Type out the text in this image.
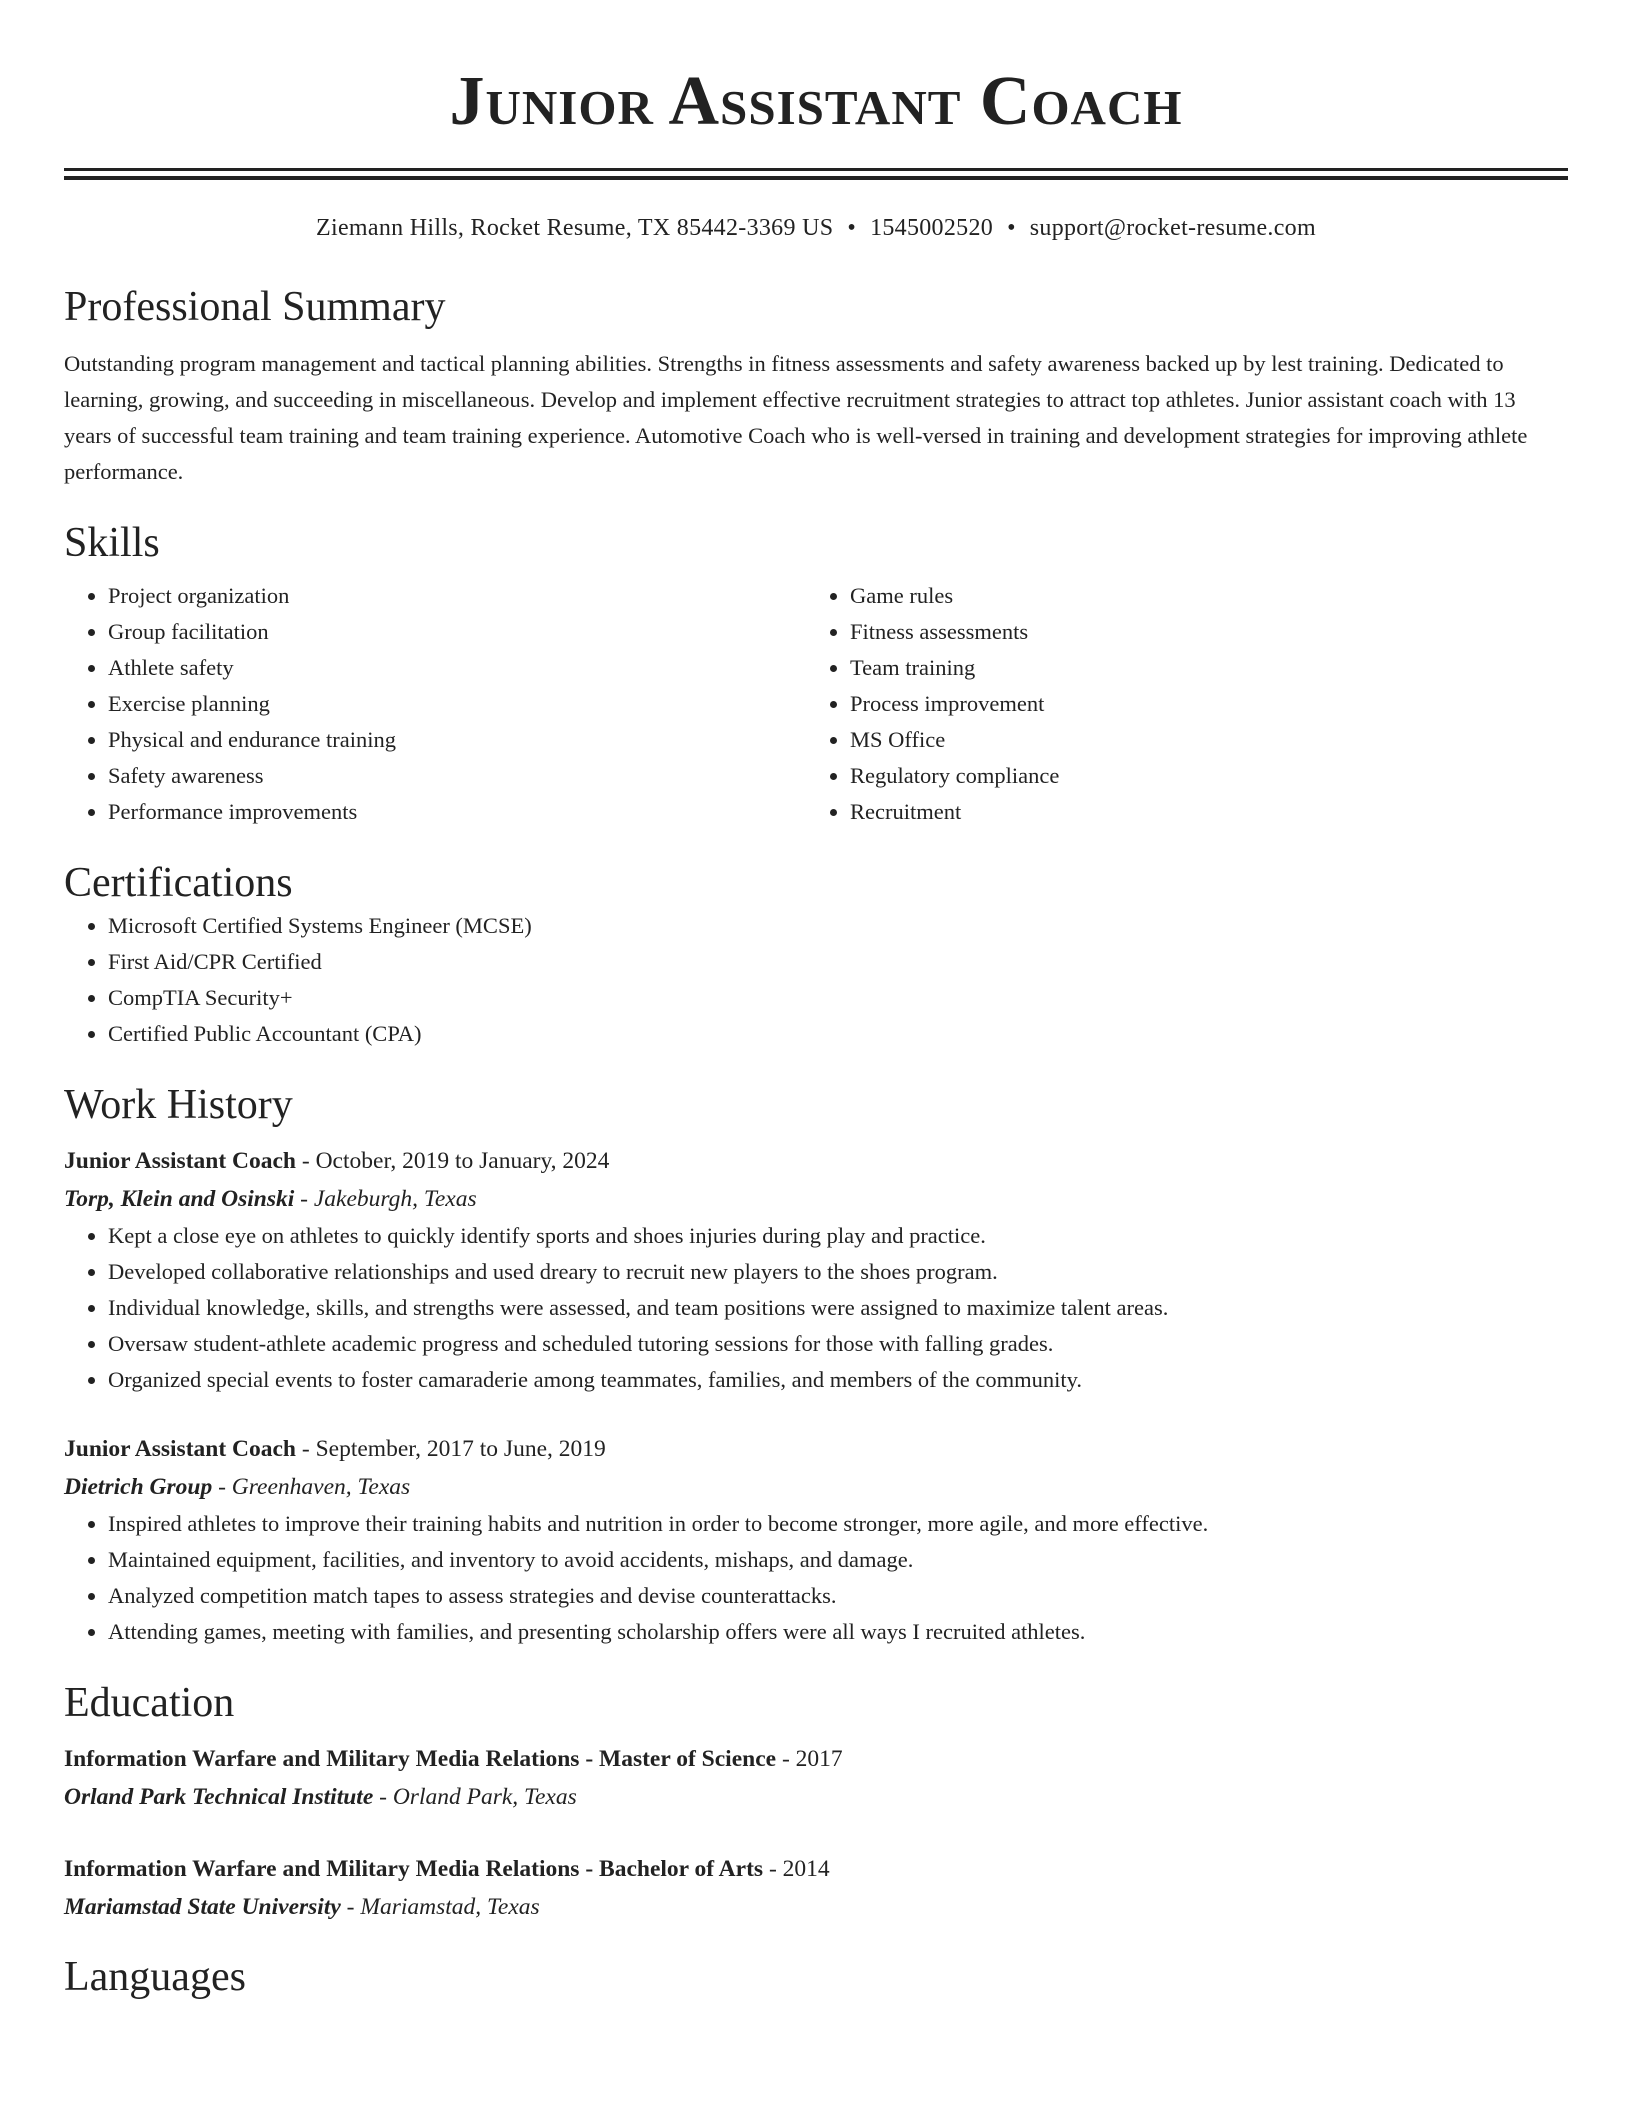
Junior Assistant Coach
Ziemann Hills, Rocket Resume, TX 85442-3369 US • 1545002520 • support@rocket-resume.com
Professional Summary
Outstanding program management and tactical planning abilities. Strengths in fitness assessments and safety awareness backed up by lest training. Dedicated to learning, growing, and succeeding in miscellaneous. Develop and implement effective recruitment strategies to attract top athletes. Junior assistant coach with 13 years of successful team training and team training experience. Automotive Coach who is well-versed in training and development strategies for improving athlete performance.
Skills
• Project organization
• Group facilitation
• Athlete safety
• Exercise planning
• Physical and endurance training
• Safety awareness
• Performance improvements
• Game rules
• Fitness assessments
• Team training
• Process improvement
• MS Office
• Regulatory compliance
• Recruitment
Certifications
• Microsoft Certified Systems Engineer (MCSE)
• First Aid/CPR Certified
• CompTIA Security+
• Certified Public Accountant (CPA)
Work History
Junior Assistant Coach - October, 2019 to January, 2024
Torp, Klein and Osinski - Jakeburgh, Texas
• Kept a close eye on athletes to quickly identify sports and shoes injuries during play and practice.
• Developed collaborative relationships and used dreary to recruit new players to the shoes program.
• Individual knowledge, skills, and strengths were assessed, and team positions were assigned to maximize talent areas.
• Oversaw student-athlete academic progress and scheduled tutoring sessions for those with falling grades.
• Organized special events to foster camaraderie among teammates, families, and members of the community.
Junior Assistant Coach - September, 2017 to June, 2019
Dietrich Group - Greenhaven, Texas
• Inspired athletes to improve their training habits and nutrition in order to become stronger, more agile, and more effective.
• Maintained equipment, facilities, and inventory to avoid accidents, mishaps, and damage.
• Analyzed competition match tapes to assess strategies and devise counterattacks.
• Attending games, meeting with families, and presenting scholarship offers were all ways I recruited athletes.
Education
Information Warfare and Military Media Relations - Master of Science - 2017
Orland Park Technical Institute - Orland Park, Texas
Information Warfare and Military Media Relations - Bachelor of Arts - 2014
Mariamstad State University - Mariamstad, Texas
Languages
